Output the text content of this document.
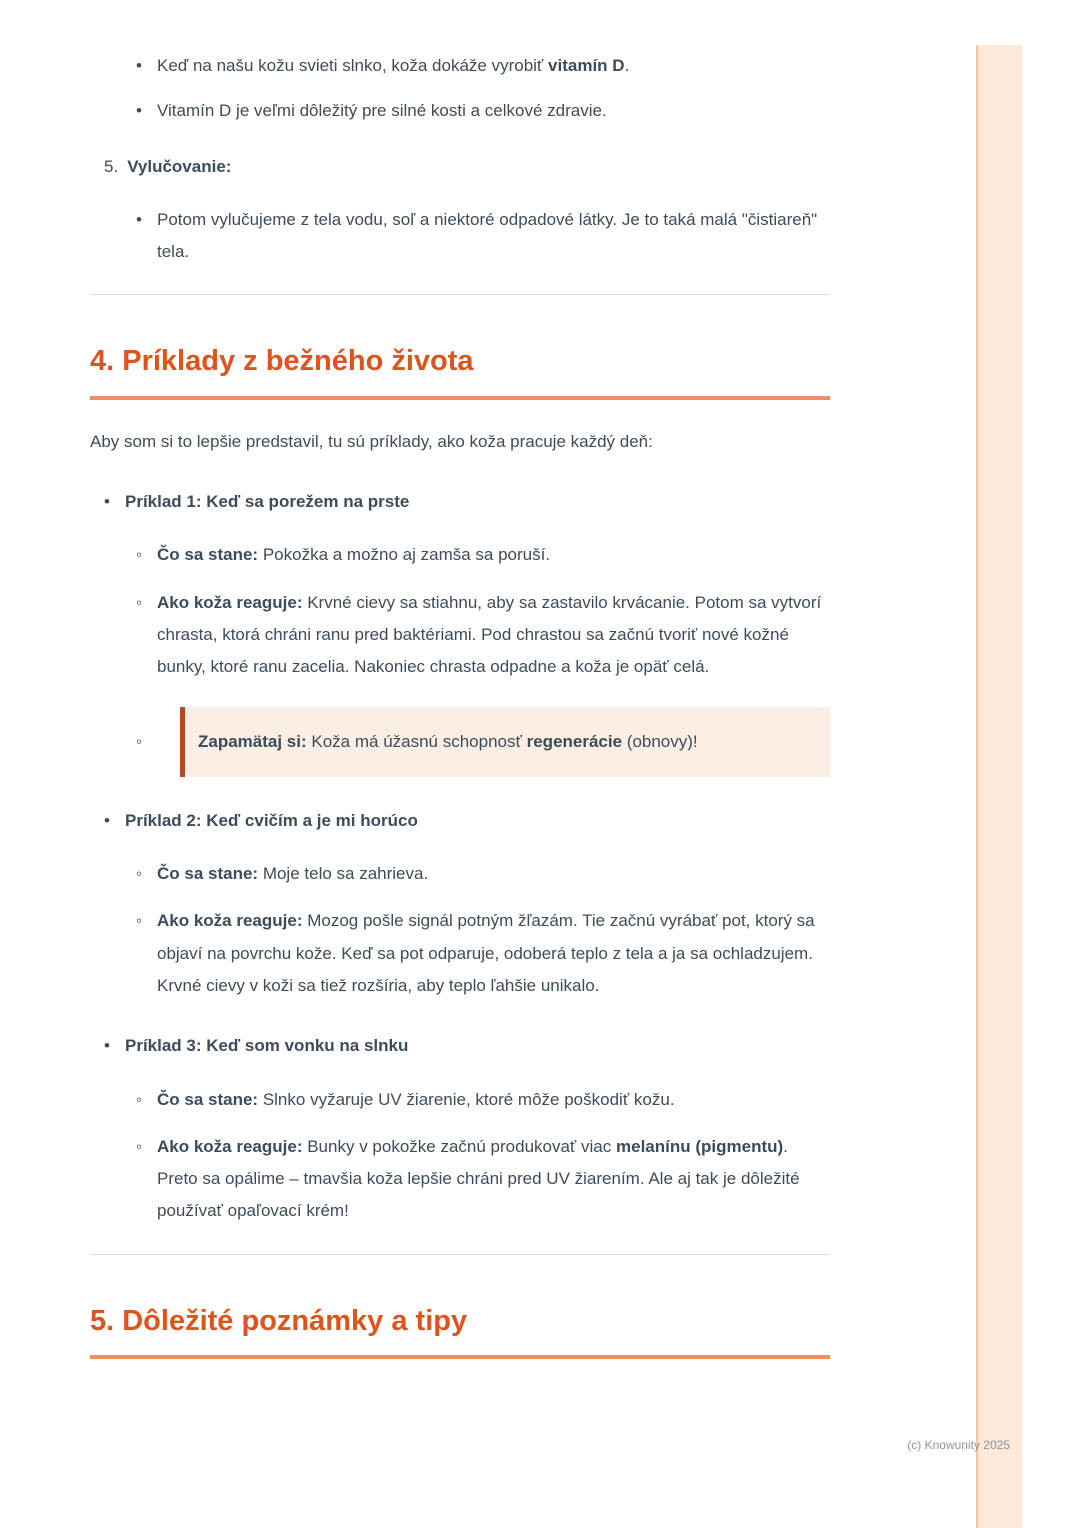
• Keď na našu kožu svieti slnko, koža dokáže vyrobiť vitamín D.
• Vitamín D je veľmi dôležitý pre silné kosti a celkové zdravie.
5. Vylučovanie:
• Potom vylučujeme z tela vodu, soľ a niektoré odpadové látky. Je to taká malá "čistiareň" tela.
4. Príklady z bežného života

Aby som si to lepšie predstavil, tu sú príklady, ako koža pracuje každý deň:

• Príklad 1: Keď sa porežem na prste
◦ Čo sa stane: Pokožka a možno aj zamša sa poruší.
◦ Ako koža reaguje: Krvné cievy sa stiahnu, aby sa zastavilo krvácanie. Potom sa vytvorí chrasta, ktorá chráni ranu pred baktériami. Pod chrastou sa začnú tvoriť nové kožné bunky, ktoré ranu zacelia. Nakoniec chrasta odpadne a koža je opäť celá.
◦	Zapamätaj si: Koža má úžasnú schopnosť regenerácie (obnovy)!
• Príklad 2: Keď cvičím a je mi horúco
◦ Čo sa stane: Moje telo sa zahrieva.
◦ Ako koža reaguje: Mozog pošle signál potným žľazám. Tie začnú vyrábať pot, ktorý sa objaví na povrchu kože. Keď sa pot odparuje, odoberá teplo z tela a ja sa ochladzujem. Krvné cievy v koži sa tiež rozšíria, aby teplo ľahšie unikalo.
• Príklad 3: Keď som vonku na slnku
◦ Čo sa stane: Slnko vyžaruje UV žiarenie, ktoré môže poškodiť kožu.
◦ Ako koža reaguje: Bunky v pokožke začnú produkovať viac melanínu (pigmentu). Preto sa opálime – tmavšia koža lepšie chráni pred UV žiarením. Ale aj tak je dôležité používať opaľovací krém!
5. Dôležité poznámky a tipy
(c) Knowunity 2025
